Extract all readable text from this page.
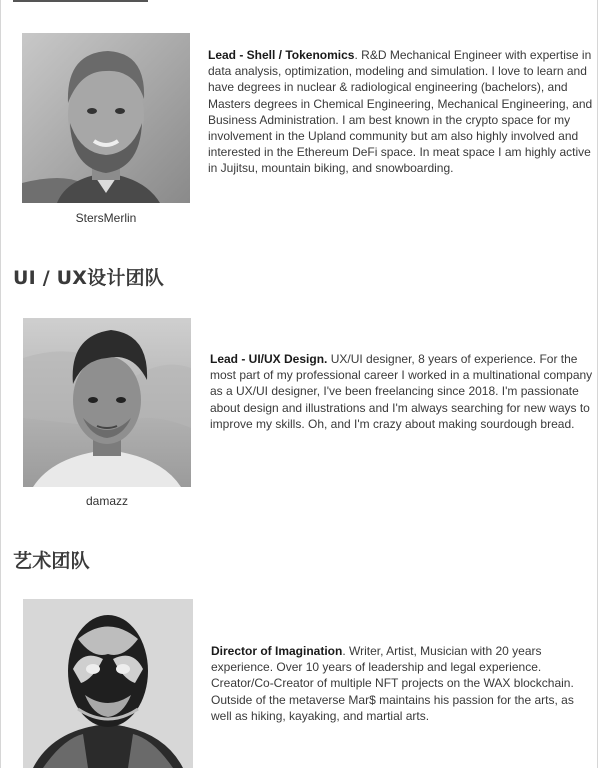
StersMerlin
Lead - Shell / Tokenomics. R&D Mechanical Engineer with expertise in data analysis, optimization, modeling and simulation. I love to learn and have degrees in nuclear & radiological engineering (bachelors), and Masters degrees in Chemical Engineering, Mechanical Engineering, and Business Administration. I am best known in the crypto space for my involvement in the Upland community but am also highly involved and interested in the Ethereum DeFi space. In meat space I am highly active in Jujitsu, mountain biking, and snowboarding.
UI / UX设计团队
damazz
Lead - UI/UX Design. UX/UI designer, 8 years of experience. For the most part of my professional career I worked in a multinational company as a UX/UI designer, I've been freelancing since 2018. I'm passionate about design and illustrations and I'm always searching for new ways to improve my skills. Oh, and I'm crazy about making sourdough bread.
艺术团队
Director of Imagination. Writer, Artist, Musician with 20 years experience. Over 10 years of leadership and legal experience. Creator/Co-Creator of multiple NFT projects on the WAX blockchain. Outside of the metaverse Mar$ maintains his passion for the arts, as well as hiking, kayaking, and martial arts.
